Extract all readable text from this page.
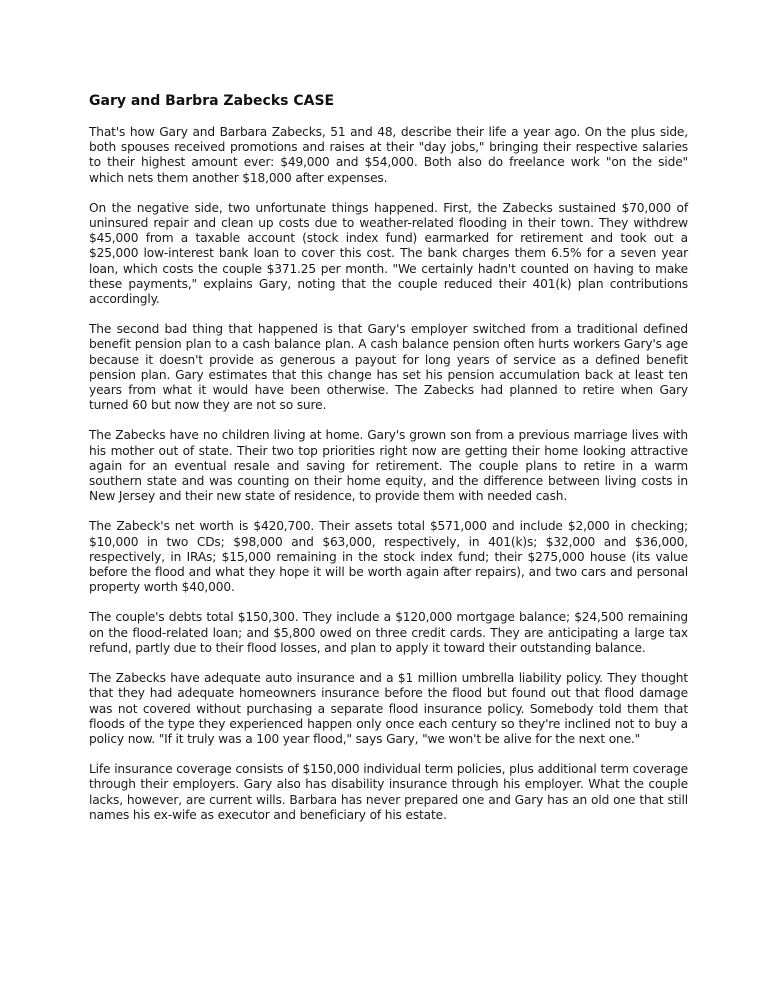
Gary and Barbra Zabecks CASE

That's how Gary and Barbara Zabecks, 51 and 48, describe their life a year ago. On the plus side, both spouses received promotions and raises at their "day jobs," bringing their respective salaries to their highest amount ever: $49,000 and $54,000. Both also do freelance work "on the side" which nets them another $18,000 after expenses.

On the negative side, two unfortunate things happened. First, the Zabecks sustained $70,000 of uninsured repair and clean up costs due to weather-related flooding in their town. They withdrew $45,000 from a taxable account (stock index fund) earmarked for retirement and took out a $25,000 low-interest bank loan to cover this cost. The bank charges them 6.5% for a seven year loan, which costs the couple $371.25 per month. "We certainly hadn't counted on having to make these payments," explains Gary, noting that the couple reduced their 401(k) plan contributions accordingly.

The second bad thing that happened is that Gary's employer switched from a traditional defined benefit pension plan to a cash balance plan. A cash balance pension often hurts workers Gary's age because it doesn't provide as generous a payout for long years of service as a defined benefit pension plan. Gary estimates that this change has set his pension accumulation back at least ten years from what it would have been otherwise. The Zabecks had planned to retire when Gary turned 60 but now they are not so sure.

The Zabecks have no children living at home. Gary's grown son from a previous marriage lives with his mother out of state. Their two top priorities right now are getting their home looking attractive again for an eventual resale and saving for retirement. The couple plans to retire in a warm southern state and was counting on their home equity, and the difference between living costs in New Jersey and their new state of residence, to provide them with needed cash.

The Zabeck's net worth is $420,700. Their assets total $571,000 and include $2,000 in checking; $10,000 in two CDs; $98,000 and $63,000, respectively, in 401(k)s; $32,000 and $36,000, respectively, in IRAs; $15,000 remaining in the stock index fund; their $275,000 house (its value before the flood and what they hope it will be worth again after repairs), and two cars and personal property worth $40,000.

The couple's debts total $150,300. They include a $120,000 mortgage balance; $24,500 remaining on the flood-related loan; and $5,800 owed on three credit cards. They are anticipating a large tax refund, partly due to their flood losses, and plan to apply it toward their outstanding balance.

The Zabecks have adequate auto insurance and a $1 million umbrella liability policy. They thought that they had adequate homeowners insurance before the flood but found out that flood damage was not covered without purchasing a separate flood insurance policy. Somebody told them that floods of the type they experienced happen only once each century so they're inclined not to buy a policy now. "If it truly was a 100 year flood," says Gary, "we won't be alive for the next one."

Life insurance coverage consists of $150,000 individual term policies, plus additional term coverage through their employers. Gary also has disability insurance through his employer. What the couple lacks, however, are current wills. Barbara has never prepared one and Gary has an old one that still names his ex-wife as executor and beneficiary of his estate.
